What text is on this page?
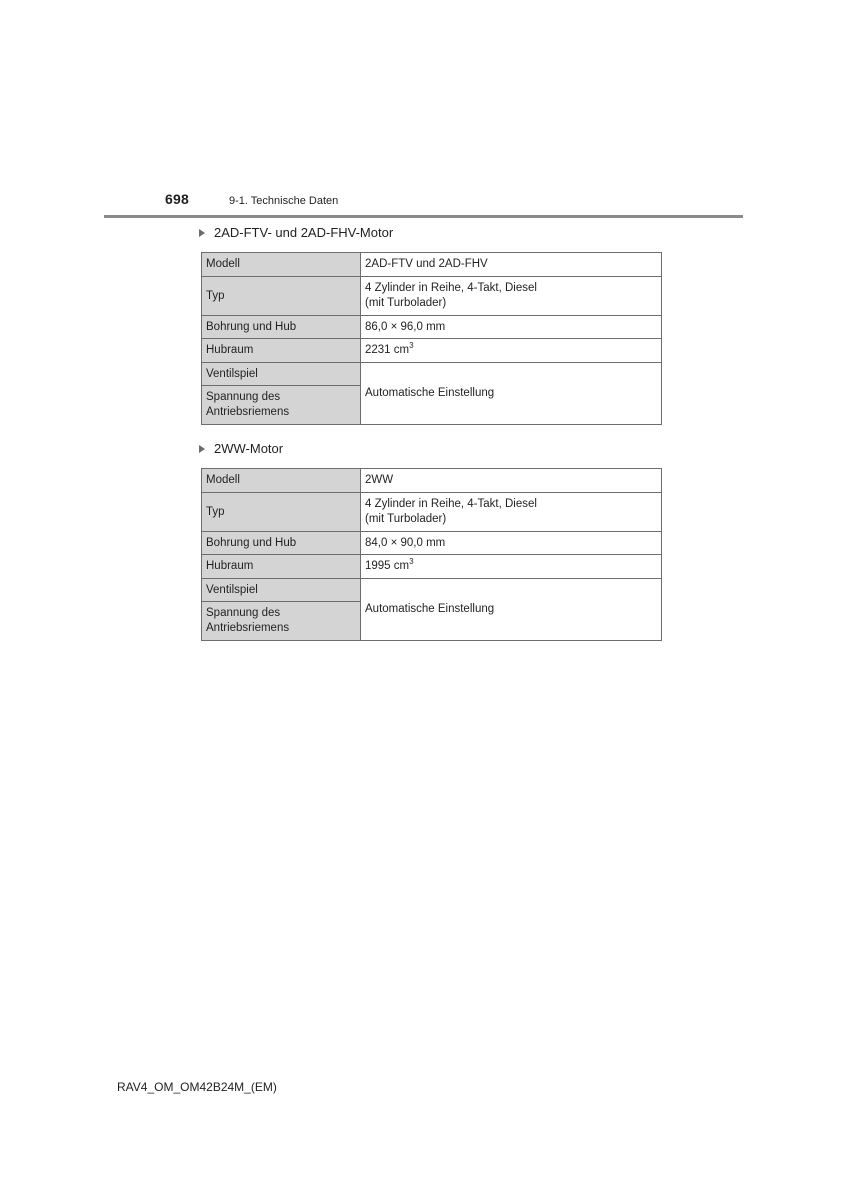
698	9-1. Technische Daten
2AD-FTV- und 2AD-FHV-Motor
Modell	2AD-FTV und 2AD-FHV
Typ	4 Zylinder in Reihe, 4-Takt, Diesel
(mit Turbolader)

Bohrung und Hub	86,0 × 96,0 mm
Hubraum	2231 $cm^3$
Ventilspiel	Automatische Einstellung

Spannung des
Antriebsriemens	
2WW-Motor
Modell	2WW
Typ	4 Zylinder in Reihe, 4-Takt, Diesel
(mit Turbolader)

Bohrung und Hub	84,0 × 90,0 mm
Hubraum	1995 $cm^3$
Ventilspiel	Automatische Einstellung

Spannung des
Antriebsriemens	
RAV4_OM_OM42B24M_(EM)
